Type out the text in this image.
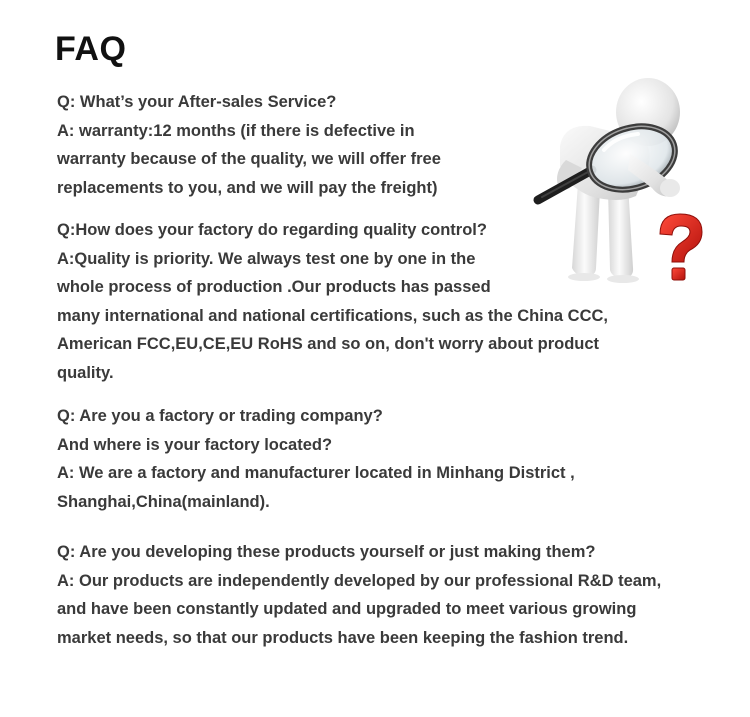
FAQ
Q: What’s your After-sales Service?
A: warranty:12 months (if there is defective in
warranty because of the quality, we will offer free
replacements to you, and we will pay the freight)
Q:How does your factory do regarding quality control?
A:Quality is priority. We always test one by one in the
whole process of production .Our products has passed
many international and national certifications, such as the China CCC,
American FCC,EU,CE,EU RoHS and so on, don't worry about product
quality.
Q: Are you a factory or trading company?
And where is your factory located?
A: We are a factory and manufacturer located in Minhang District ,
Shanghai,China(mainland).
Q: Are you developing these products yourself or just making them?
A: Our products are independently developed by our professional R&D team,
and have been constantly updated and upgraded to meet various growing
market needs, so that our products have been keeping the fashion trend.
